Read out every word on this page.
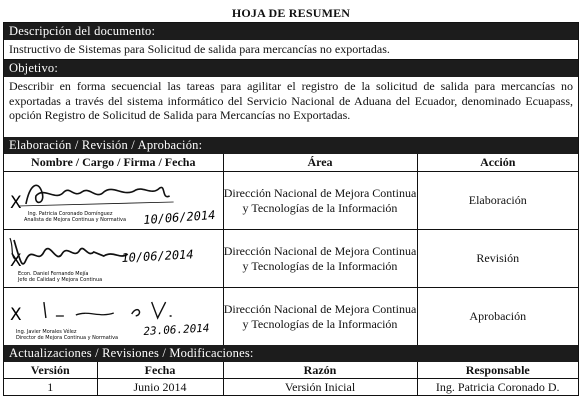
HOJA DE RESUMEN
Descripción del documento:
Instructivo de Sistemas para Solicitud de salida para mercancías no exportadas.
Objetivo:
Describir en forma secuencial las tareas para agilitar el registro de la solicitud de salida para mercancías no exportadas a través del sistema informático del Servicio Nacional de Aduana del Ecuador, denominado Ecuapass, opción Registro de Solicitud de Salida para Mercancías no Exportadas.
Elaboración / Revisión / Aprobación:
Nombre / Cargo / Firma / Fecha	Área	Acción

X
Ing. Patricia Coronado Domínguez
Analista de Mejora Continua y Normativa 10/06/2014	Dirección Nacional de Mejora Continua y Tecnologías de la Información	Elaboración

X
Econ. Daniel Fernando Mejía
Jefe de Calidad y Mejora Continua
10/06/2014	Dirección Nacional de Mejora Continua y Tecnologías de la Información	Revisión

X
Ing. Javier Morales Vélez
Director de Mejora Continua y Normativa 23.06.2014	Dirección Nacional de Mejora Continua y Tecnologías de la Información	Aprobación
Actualizaciones / Revisiones / Modificaciones:
Versión	Fecha	Razón	Responsable
1	Junio 2014	Versión Inicial	Ing. Patricia Coronado D.
